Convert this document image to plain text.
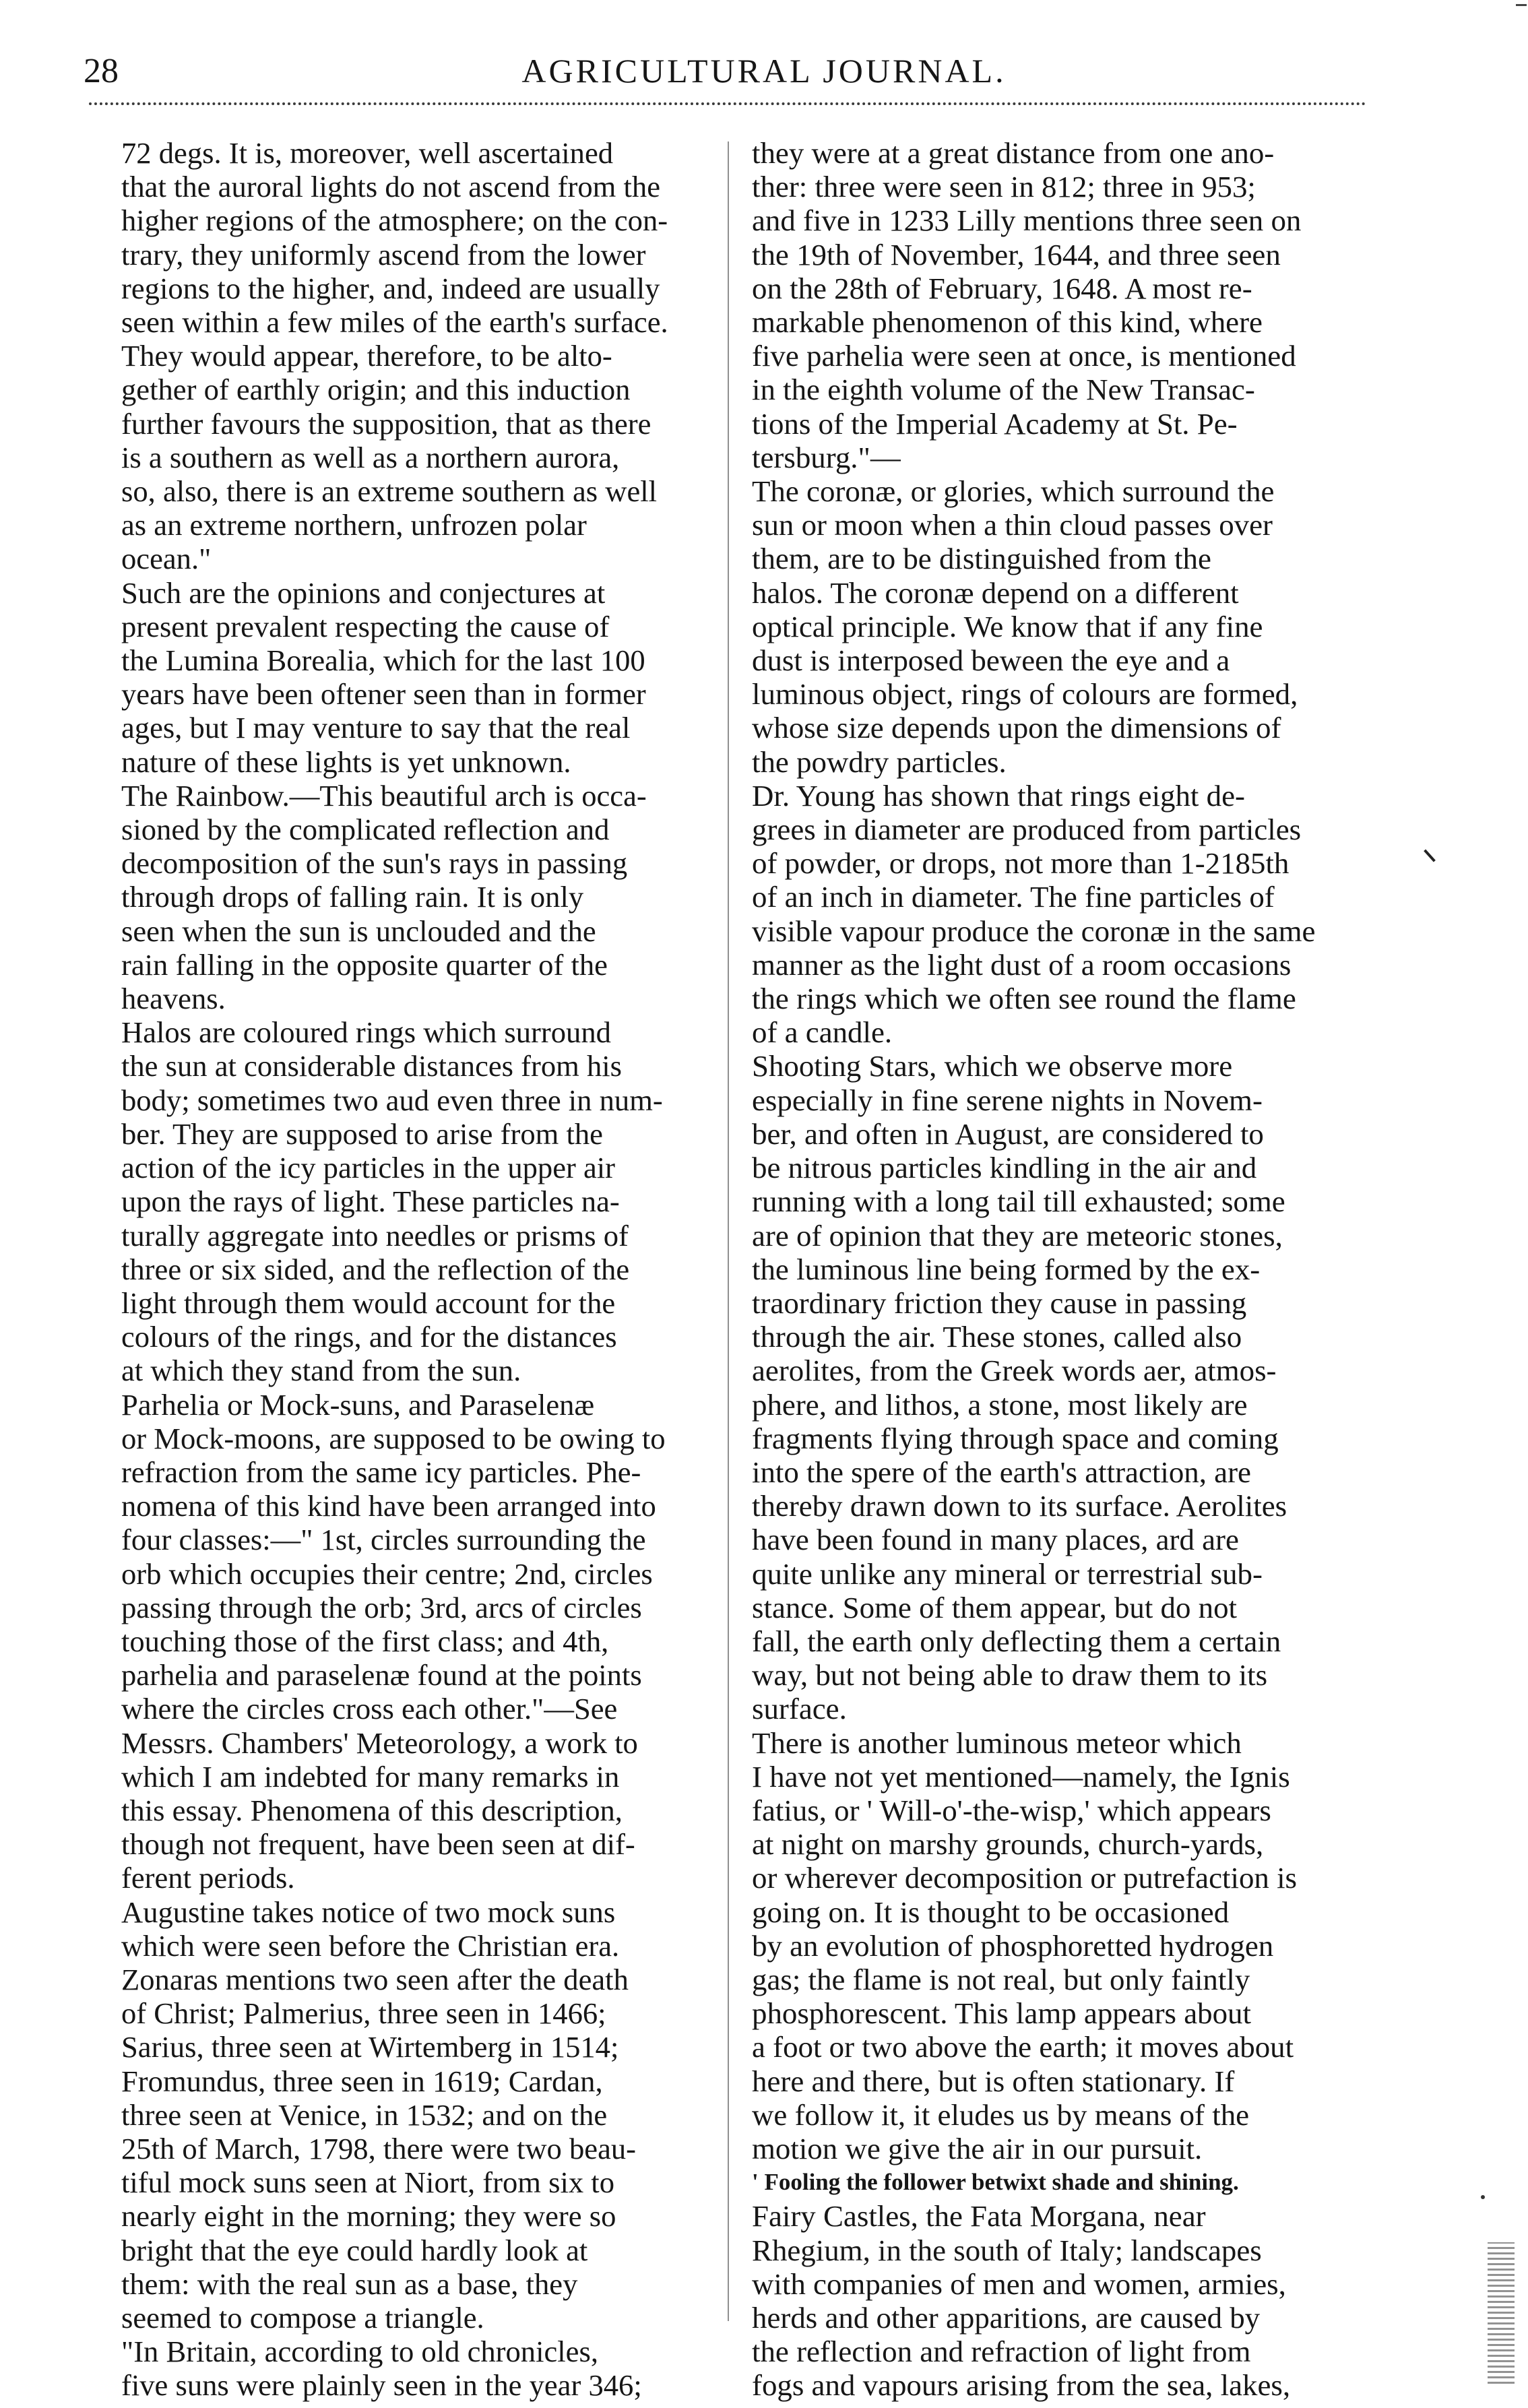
28	AGRICULTURAL JOURNAL.

72 degs. It is, moreover, well ascertained
that the auroral lights do not ascend from the
higher regions of the atmosphere; on the con-
trary, they uniformly ascend from the lower
regions to the higher, and, indeed are usually
seen within a few miles of the earth's surface.
They would appear, therefore, to be alto-
gether of earthly origin; and this induction
further favours the supposition, that as there
is a southern as well as a northern aurora,
so, also, there is an extreme southern as well
as an extreme northern, unfrozen polar
ocean."

Such are the opinions and conjectures at
present prevalent respecting the cause of
the Lumina Borealia, which for the last 100
years have been oftener seen than in former
ages, but I may venture to say that the real
nature of these lights is yet unknown.

The Rainbow.—This beautiful arch is occa-
sioned by the complicated reflection and
decomposition of the sun's rays in passing
through drops of falling rain. It is only
seen when the sun is unclouded and the
rain falling in the opposite quarter of the
heavens.

Halos are coloured rings which surround
the sun at considerable distances from his
body; sometimes two aud even three in num-
ber. They are supposed to arise from the
action of the icy particles in the upper air
upon the rays of light. These particles na-
turally aggregate into needles or prisms of
three or six sided, and the reflection of the
light through them would account for the
colours of the rings, and for the distances
at which they stand from the sun.

Parhelia or Mock-suns, and Paraselenæ
or Mock-moons, are supposed to be owing to
refraction from the same icy particles. Phe-
nomena of this kind have been arranged into
four classes:—" 1st, circles surrounding the
orb which occupies their centre; 2nd, circles
passing through the orb; 3rd, arcs of circles
touching those of the first class; and 4th,
parhelia and paraselenæ found at the points
where the circles cross each other."—See
Messrs. Chambers' Meteorology, a work to
which I am indebted for many remarks in
this essay. Phenomena of this description,
though not frequent, have been seen at dif-
ferent periods.

Augustine takes notice of two mock suns
which were seen before the Christian era.
Zonaras mentions two seen after the death
of Christ; Palmerius, three seen in 1466;
Sarius, three seen at Wirtemberg in 1514;
Fromundus, three seen in 1619; Cardan,
three seen at Venice, in 1532; and on the
25th of March, 1798, there were two beau-
tiful mock suns seen at Niort, from six to
nearly eight in the morning; they were so
bright that the eye could hardly look at
them: with the real sun as a base, they
seemed to compose a triangle.

"In Britain, according to old chronicles,
five suns were plainly seen in the year 346;

they were at a great distance from one ano-
ther: three were seen in 812; three in 953;
and five in 1233 Lilly mentions three seen on
the 19th of November, 1644, and three seen
on the 28th of February, 1648. A most re-
markable phenomenon of this kind, where
five parhelia were seen at once, is mentioned
in the eighth volume of the New Transac-
tions of the Imperial Academy at St. Pe-
tersburg."—

The coronæ, or glories, which surround the
sun or moon when a thin cloud passes over
them, are to be distinguished from the
halos. The coronæ depend on a different
optical principle. We know that if any fine
dust is interposed beween the eye and a
luminous object, rings of colours are formed,
whose size depends upon the dimensions of
the powdry particles.

Dr. Young has shown that rings eight de-
grees in diameter are produced from particles
of powder, or drops, not more than 1-2185th
of an inch in diameter. The fine particles of
visible vapour produce the coronæ in the same
manner as the light dust of a room occasions
the rings which we often see round the flame
of a candle.

Shooting Stars, which we observe more
especially in fine serene nights in Novem-
ber, and often in August, are considered to
be nitrous particles kindling in the air and
running with a long tail till exhausted; some
are of opinion that they are meteoric stones,
the luminous line being formed by the ex-
traordinary friction they cause in passing
through the air. These stones, called also
aerolites, from the Greek words aer, atmos-
phere, and lithos, a stone, most likely are
fragments flying through space and coming
into the spere of the earth's attraction, are
thereby drawn down to its surface. Aerolites
have been found in many places, ard are
quite unlike any mineral or terrestrial sub-
stance. Some of them appear, but do not
fall, the earth only deflecting them a certain
way, but not being able to draw them to its
surface.

There is another luminous meteor which
I have not yet mentioned—namely, the Ignis
fatius, or ' Will-o'-the-wisp,' which appears
at night on marshy grounds, church-yards,
or wherever decomposition or putrefaction is
going on. It is thought to be occasioned
by an evolution of phosphoretted hydrogen
gas; the flame is not real, but only faintly
phosphorescent. This lamp appears about
a foot or two above the earth; it moves about
here and there, but is often stationary. If
we follow it, it eludes us by means of the
motion we give the air in our pursuit.

' Fooling the follower betwixt shade and shining.

Fairy Castles, the Fata Morgana, near
Rhegium, in the south of Italy; landscapes
with companies of men and women, armies,
herds and other apparitions, are caused by
the reflection and refraction of light from
fogs and vapours arising from the sea, lakes,
